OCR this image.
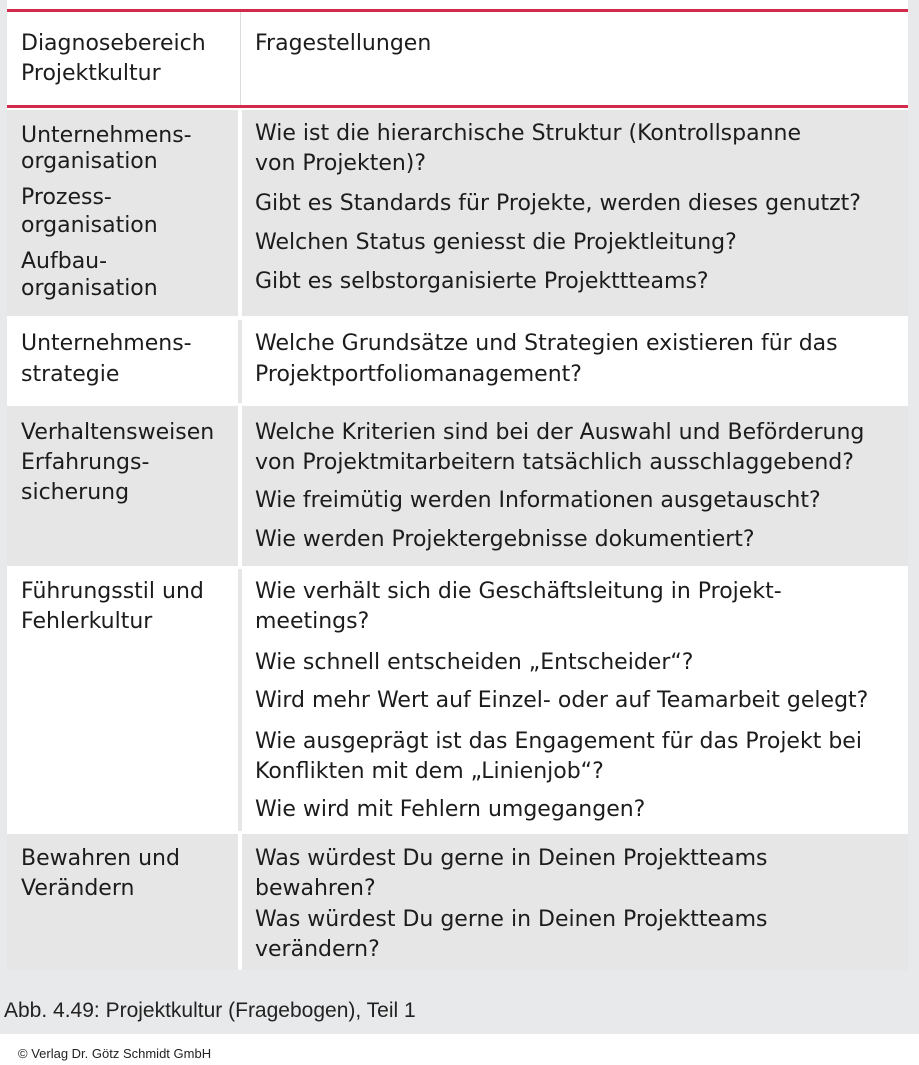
Diagnosebereich

Projektkultur

Fragestellungen

Unternehmens-

organisation

Prozess-

organisation

Aufbau-

organisation

Wie ist die hierarchische Struktur (Kontrollspanne

von Projekten)?

Gibt es Standards für Projekte, werden dieses genutzt?

Welchen Status geniesst die Projektleitung?

Gibt es selbstorganisierte Projekttteams?

Unternehmens-

strategie

Welche Grundsätze und Strategien existieren für das

Projektportfoliomanagement?

Verhaltensweisen

Erfahrungs-

sicherung

Welche Kriterien sind bei der Auswahl und Beförderung

von Projektmitarbeitern tatsächlich ausschlaggebend?

Wie freimütig werden Informationen ausgetauscht?

Wie werden Projektergebnisse dokumentiert?

Führungsstil und

Fehlerkultur

Wie verhält sich die Geschäftsleitung in Projekt-

meetings?

Wie schnell entscheiden „Entscheider“?

Wird mehr Wert auf Einzel- oder auf Teamarbeit gelegt?

Wie ausgeprägt ist das Engagement für das Projekt bei

Konflikten mit dem „Linienjob“?

Wie wird mit Fehlern umgegangen?

Bewahren und

Verändern

Was würdest Du gerne in Deinen Projektteams

bewahren?

Was würdest Du gerne in Deinen Projektteams

verändern?

Abb. 4.49: Projektkultur (Fragebogen), Teil 1
© Verlag Dr. Götz Schmidt GmbH
